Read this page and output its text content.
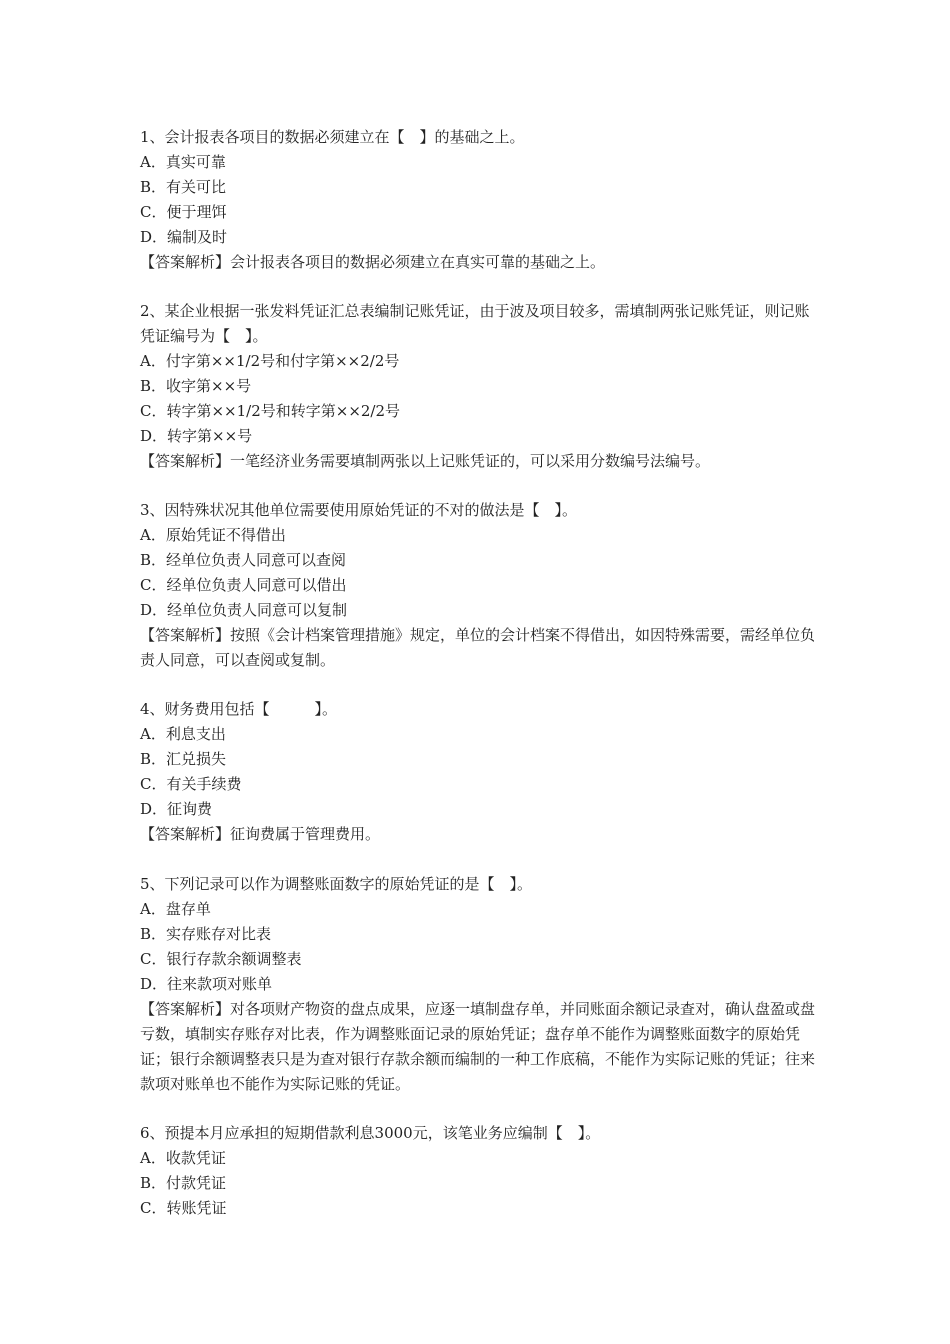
1、会计报表各项目的数据必须建立在【　】的基础之上。

A．真实可靠

B．有关可比

C．便于理饵

D．编制及时

【答案解析】会计报表各项目的数据必须建立在真实可靠的基础之上。

2、某企业根据一张发料凭证汇总表编制记账凭证，由于波及项目较多，需填制两张记账凭证，则记账凭证编号为【　】。

A．付字第××1/2号和付字第××2/2号

B．收字第××号

C．转字第××1/2号和转字第××2/2号

D．转字第××号

【答案解析】一笔经济业务需要填制两张以上记账凭证的，可以采用分数编号法编号。

3、因特殊状况其他单位需要使用原始凭证的不对的做法是【　】。

A．原始凭证不得借出

B．经单位负责人同意可以查阅

C．经单位负责人同意可以借出

D．经单位负责人同意可以复制

【答案解析】按照《会计档案管理措施》规定，单位的会计档案不得借出，如因特殊需要，需经单位负责人同意，可以查阅或复制。

4、财务费用包括【　　　】。

A．利息支出

B．汇兑损失

C．有关手续费

D．征询费

【答案解析】征询费属于管理费用。

5、下列记录可以作为调整账面数字的原始凭证的是【　】。

A．盘存单

B．实存账存对比表

C．银行存款余额调整表

D．往来款项对账单

【答案解析】对各项财产物资的盘点成果，应逐一填制盘存单，并同账面余额记录查对，确认盘盈或盘亏数，填制实存账存对比表，作为调整账面记录的原始凭证；盘存单不能作为调整账面数字的原始凭证；银行余额调整表只是为查对银行存款余额而编制的一种工作底稿，不能作为实际记账的凭证；往来款项对账单也不能作为实际记账的凭证。

6、预提本月应承担的短期借款利息3000元，该笔业务应编制【　】。

A．收款凭证

B．付款凭证

C．转账凭证
